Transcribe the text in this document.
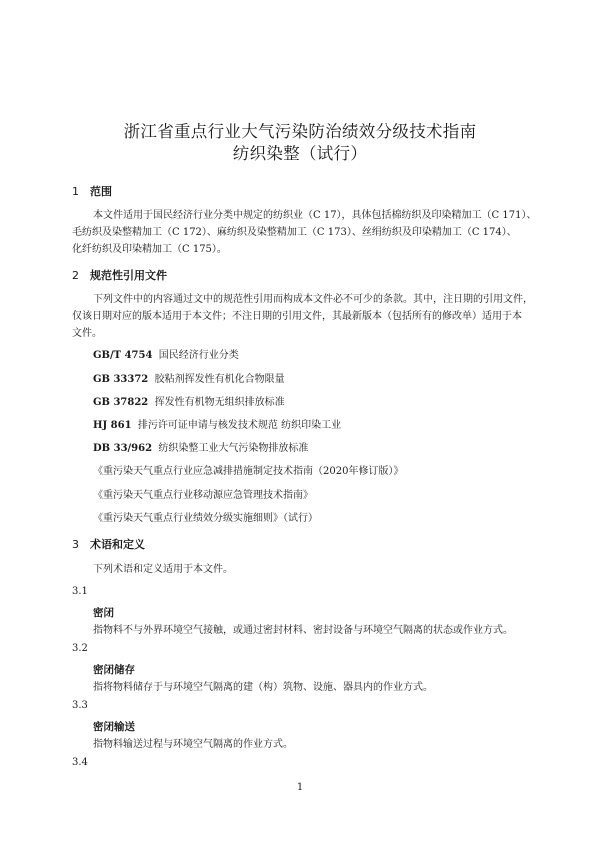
浙江省重点行业大气污染防治绩效分级技术指南
纺织染整（试行）
1 范围
本文件适用于国民经济行业分类中规定的纺织业（C 17），具体包括棉纺织及印染精加工（C 171）、
毛纺织及染整精加工（C 172）、麻纺织及染整精加工（C 173）、丝绢纺织及印染精加工（C 174）、
化纤纺织及印染精加工（C 175）。
2 规范性引用文件
下列文件中的内容通过文中的规范性引用而构成本文件必不可少的条款。其中，注日期的引用文件，
仅该日期对应的版本适用于本文件；不注日期的引用文件，其最新版本（包括所有的修改单）适用于本
文件。
GB/T 4754 国民经济行业分类
GB 33372 胶粘剂挥发性有机化合物限量
GB 37822 挥发性有机物无组织排放标准
HJ 861 排污许可证申请与核发技术规范 纺织印染工业
DB 33/962 纺织染整工业大气污染物排放标准
《重污染天气重点行业应急减排措施制定技术指南（2020年修订版）》
《重污染天气重点行业移动源应急管理技术指南》
《重污染天气重点行业绩效分级实施细则》（试行）
3 术语和定义
下列术语和定义适用于本文件。
3.1
密闭
指物料不与外界环境空气接触，或通过密封材料、密封设备与环境空气隔离的状态或作业方式。
3.2
密闭储存
指将物料储存于与环境空气隔离的建（构）筑物、设施、器具内的作业方式。
3.3
密闭输送
指物料输送过程与环境空气隔离的作业方式。
3.4
1
